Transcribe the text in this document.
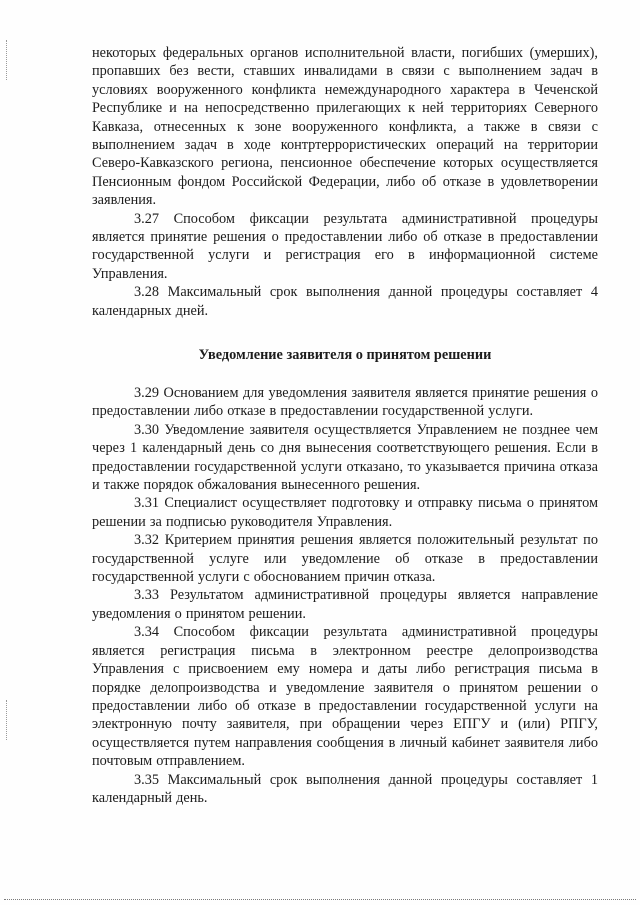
некоторых федеральных органов исполнительной власти, погибших (умерших), пропавших без вести, ставших инвалидами в связи с выполнением задач в условиях вооруженного конфликта немеждународного характера в Чеченской Республике и на непосредственно прилегающих к ней территориях Северного Кавказа, отнесенных к зоне вооруженного конфликта, а также в связи с выполнением задач в ходе контртеррористических операций на территории Северо-Кавказского региона, пенсионное обеспечение которых осуществляется Пенсионным фондом Российской Федерации, либо об отказе в удовлетворении заявления.

3.27 Способом фиксации результата административной процедуры является принятие решения о предоставлении либо об отказе в предоставлении государственной услуги и регистрация его в информационной системе Управления.

3.28 Максимальный срок выполнения данной процедуры составляет 4 календарных дней.

Уведомление заявителя о принятом решении

3.29 Основанием для уведомления заявителя является принятие решения о предоставлении либо отказе в предоставлении государственной услуги.

3.30 Уведомление заявителя осуществляется Управлением не позднее чем через 1 календарный день со дня вынесения соответствующего решения. Если в предоставлении государственной услуги отказано, то указывается причина отказа и также порядок обжалования вынесенного решения.

3.31 Специалист осуществляет подготовку и отправку письма о принятом решении за подписью руководителя Управления.

3.32 Критерием принятия решения является положительный результат по государственной услуге или уведомление об отказе в предоставлении государственной услуги с обоснованием причин отказа.

3.33 Результатом административной процедуры является направление уведомления о принятом решении.

3.34 Способом фиксации результата административной процедуры является регистрация письма в электронном реестре делопроизводства Управления с присвоением ему номера и даты либо регистрация письма в порядке делопроизводства и уведомление заявителя о принятом решении о предоставлении либо об отказе в предоставлении государственной услуги на электронную почту заявителя, при обращении через ЕПГУ и (или) РПГУ, осуществляется путем направления сообщения в личный кабинет заявителя либо почтовым отправлением.

3.35 Максимальный срок выполнения данной процедуры составляет 1 календарный день.
